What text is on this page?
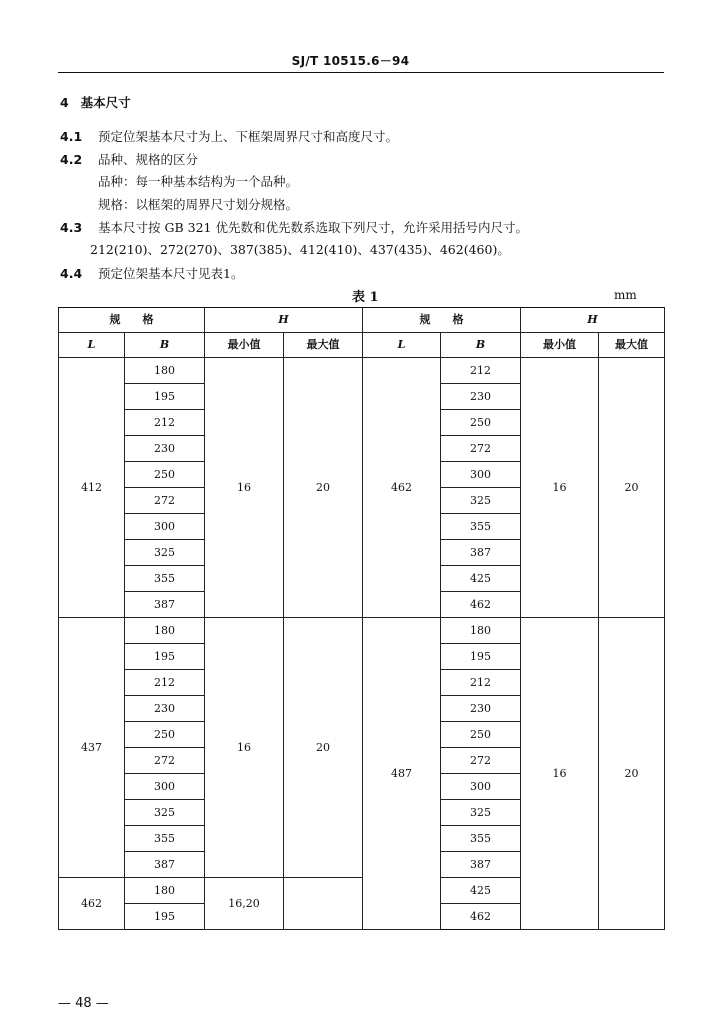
SJ/T 10515.6－94
4 基本尺寸
4.1 预定位架基本尺寸为上、下框架周界尺寸和高度尺寸。
4.2 品种、规格的区分
品种：每一种基本结构为一个品种。
规格：以框架的周界尺寸划分规格。
4.3 基本尺寸按 GB 321 优先数和优先数系选取下列尺寸，允许采用括号内尺寸。
212(210)、272(270)、387(385)、412(410)、437(435)、462(460)。
4.4 预定位架基本尺寸见表1。
表 1	mm
规　　格		H		规　　格		H	
L	B	最小值	最大值	L	B	最小值	最大值
412	180	16	20	462	212	16	20
	195				230		
	212				250		
	230				272		
	250				300		
	272				325		
	300				355		
	325				387		
	355				425		
	387				462		
437	180	16	20	487	180	16	20
	195				195		
	212				212		
	230				230		
	250				250		
	272				272		
	300				300		
	325				325		
	355				355		
	387				387		
462	180	16,20			425		
	195				462		
— 48 —
